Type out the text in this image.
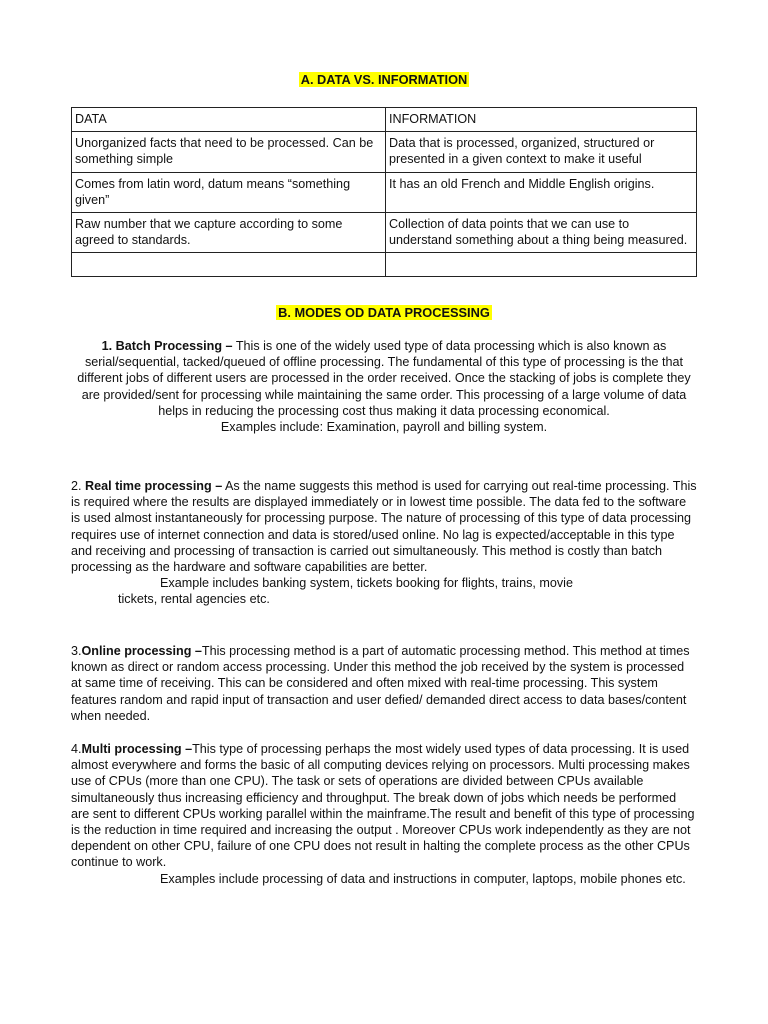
A. DATA VS. INFORMATION
DATA	INFORMATION
Unorganized facts that need to be processed. Can be something simple	Data that is processed, organized, structured or presented in a given context to make it useful
Comes from latin word, datum means “something given”	It has an old French and Middle English origins.
Raw number that we capture according to some agreed to standards.	Collection of data points that we can use to understand something about a thing being measured.

B. MODES OD DATA PROCESSING

1. Batch Processing – This is one of the widely used type of data processing which is also known as serial/sequential, tacked/queued of offline processing. The fundamental of this type of processing is the that different jobs of different users are processed in the order received. Once the stacking of jobs is complete they are provided/sent for processing while maintaining the same order. This processing of a large volume of data helps in reducing the processing cost thus making it data processing economical.

Examples include: Examination, payroll and billing system.

2. Real time processing – As the name suggests this method is used for carrying out real-time processing. This is required where the results are displayed immediately or in lowest time possible. The data fed to the software is used almost instantaneously for processing purpose. The nature of processing of this type of data processing requires use of internet connection and data is stored/used online. No lag is expected/acceptable in this type and receiving and processing of transaction is carried out simultaneously. This method is costly than batch processing as the hardware and software capabilities are better.

Example includes banking system, tickets booking for flights, trains, movie

tickets, rental agencies etc.

3.Online processing –This processing method is a part of automatic processing method. This method at times known as direct or random access processing. Under this method the job received by the system is processed at same time of receiving. This can be considered and often mixed with real-time processing. This system features random and rapid input of transaction and user defied/ demanded direct access to data bases/content when needed.

4.Multi processing –This type of processing perhaps the most widely used types of data processing. It is used almost everywhere and forms the basic of all computing devices relying on processors. Multi processing makes use of CPUs (more than one CPU). The task or sets of operations are divided between CPUs available simultaneously thus increasing efficiency and throughput. The break down of jobs which needs be performed are sent to different CPUs working parallel within the mainframe.The result and benefit of this type of processing is the reduction in time required and increasing the output . Moreover CPUs work independently as they are not dependent on other CPU, failure of one CPU does not result in halting the complete process as the other CPUs continue to work.

Examples include processing of data and instructions in computer, laptops, mobile phones etc.
